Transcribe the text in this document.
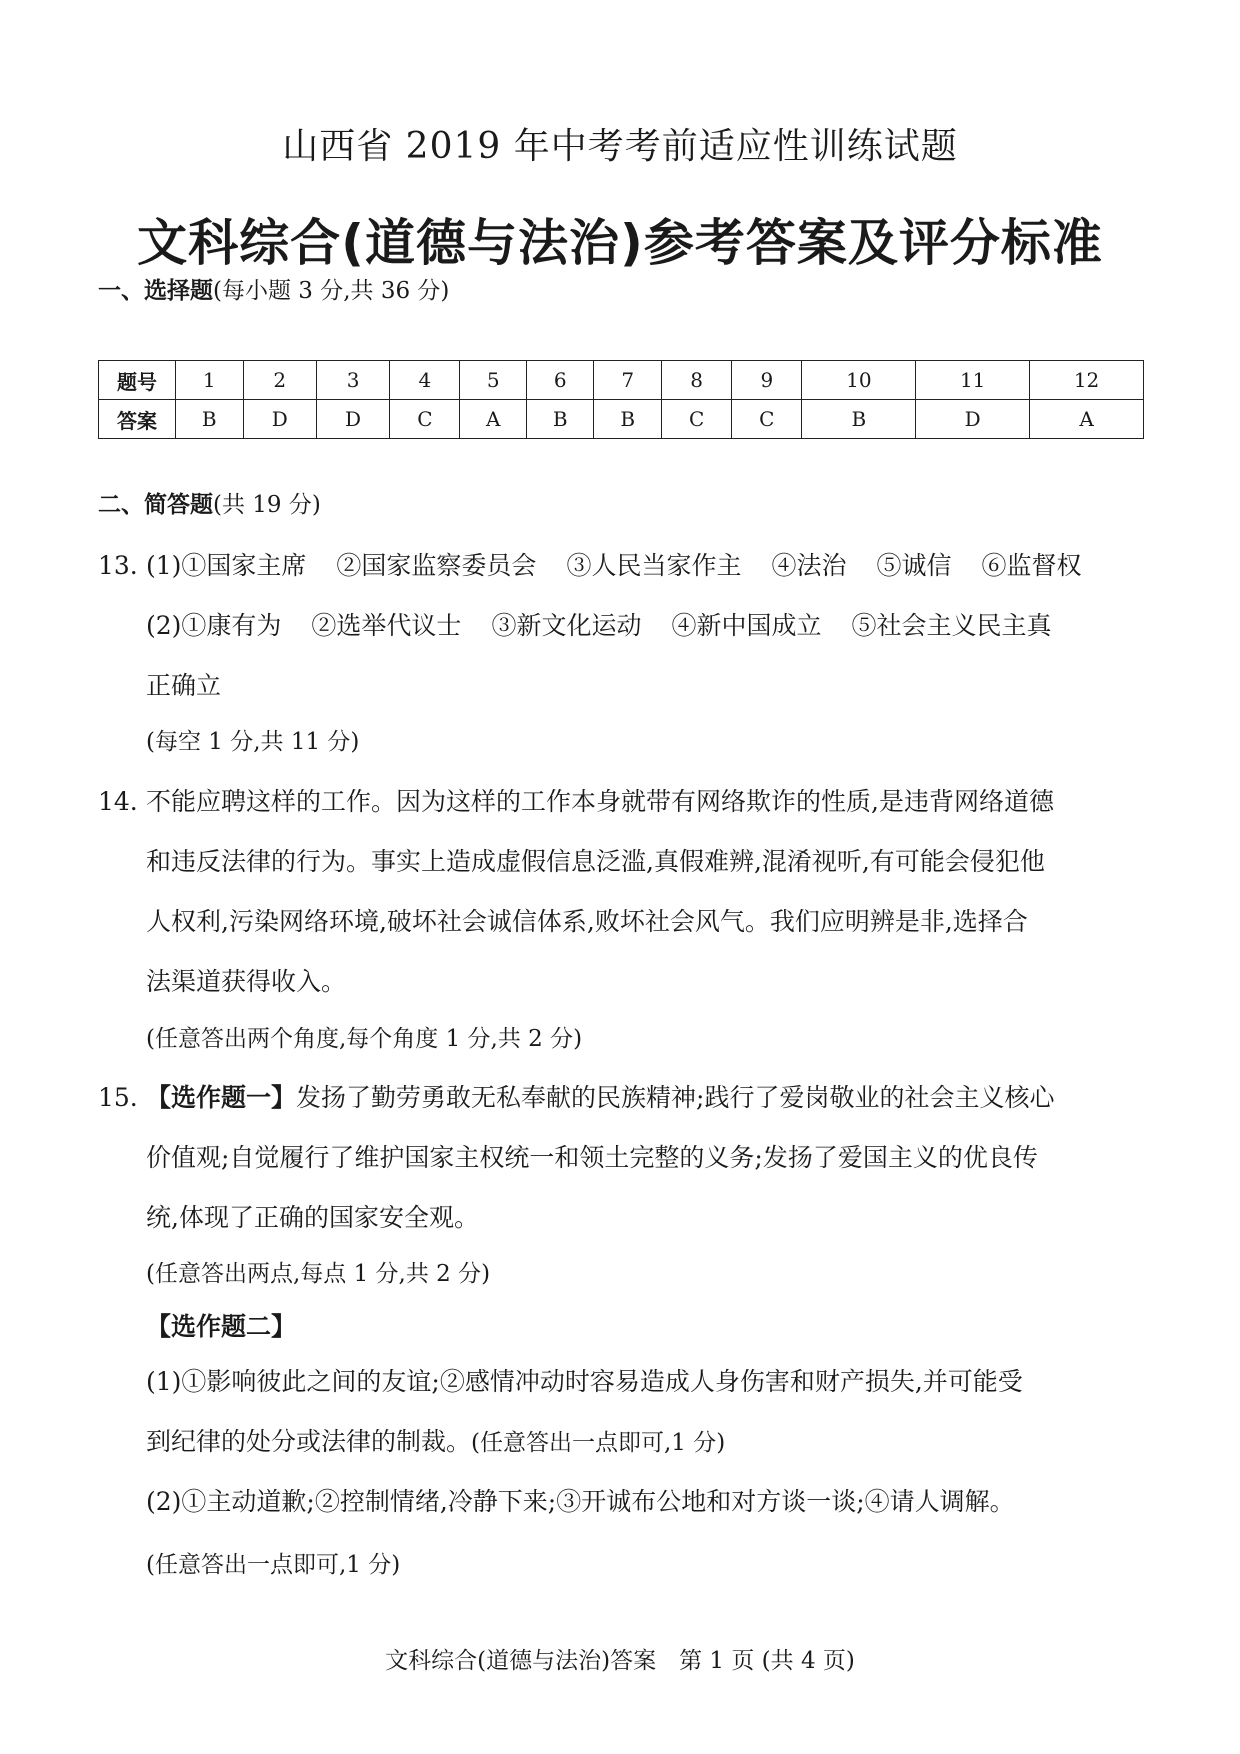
山西省 2019 年中考考前适应性训练试题
文科综合(道德与法治)参考答案及评分标准
一、选择题(每小题 3 分,共 36 分)
题号	1	2	3	4	5	6	7	8	9	10	11	12
答案	B	D	D	C	A	B	B	C	C	B	D	A
二、简答题(共 19 分)
13. (1)①国家主席 ②国家监察委员会 ③人民当家作主 ④法治 ⑤诚信 ⑥监督权
(2)①康有为 ②选举代议士 ③新文化运动 ④新中国成立 ⑤社会主义民主真
正确立
(每空 1 分,共 11 分)
14. 不能应聘这样的工作。因为这样的工作本身就带有网络欺诈的性质,是违背网络道德
和违反法律的行为。事实上造成虚假信息泛滥,真假难辨,混淆视听,有可能会侵犯他
人权利,污染网络环境,破坏社会诚信体系,败坏社会风气。我们应明辨是非,选择合
法渠道获得收入。
(任意答出两个角度,每个角度 1 分,共 2 分)
15. 【选作题一】发扬了勤劳勇敢无私奉献的民族精神;践行了爱岗敬业的社会主义核心
价值观;自觉履行了维护国家主权统一和领土完整的义务;发扬了爱国主义的优良传
统,体现了正确的国家安全观。
(任意答出两点,每点 1 分,共 2 分)
【选作题二】
(1)①影响彼此之间的友谊;②感情冲动时容易造成人身伤害和财产损失,并可能受
到纪律的处分或法律的制裁。(任意答出一点即可,1 分)
(2)①主动道歉;②控制情绪,冷静下来;③开诚布公地和对方谈一谈;④请人调解。
(任意答出一点即可,1 分)
文科综合(道德与法治)答案　第 1 页 (共 4 页)
